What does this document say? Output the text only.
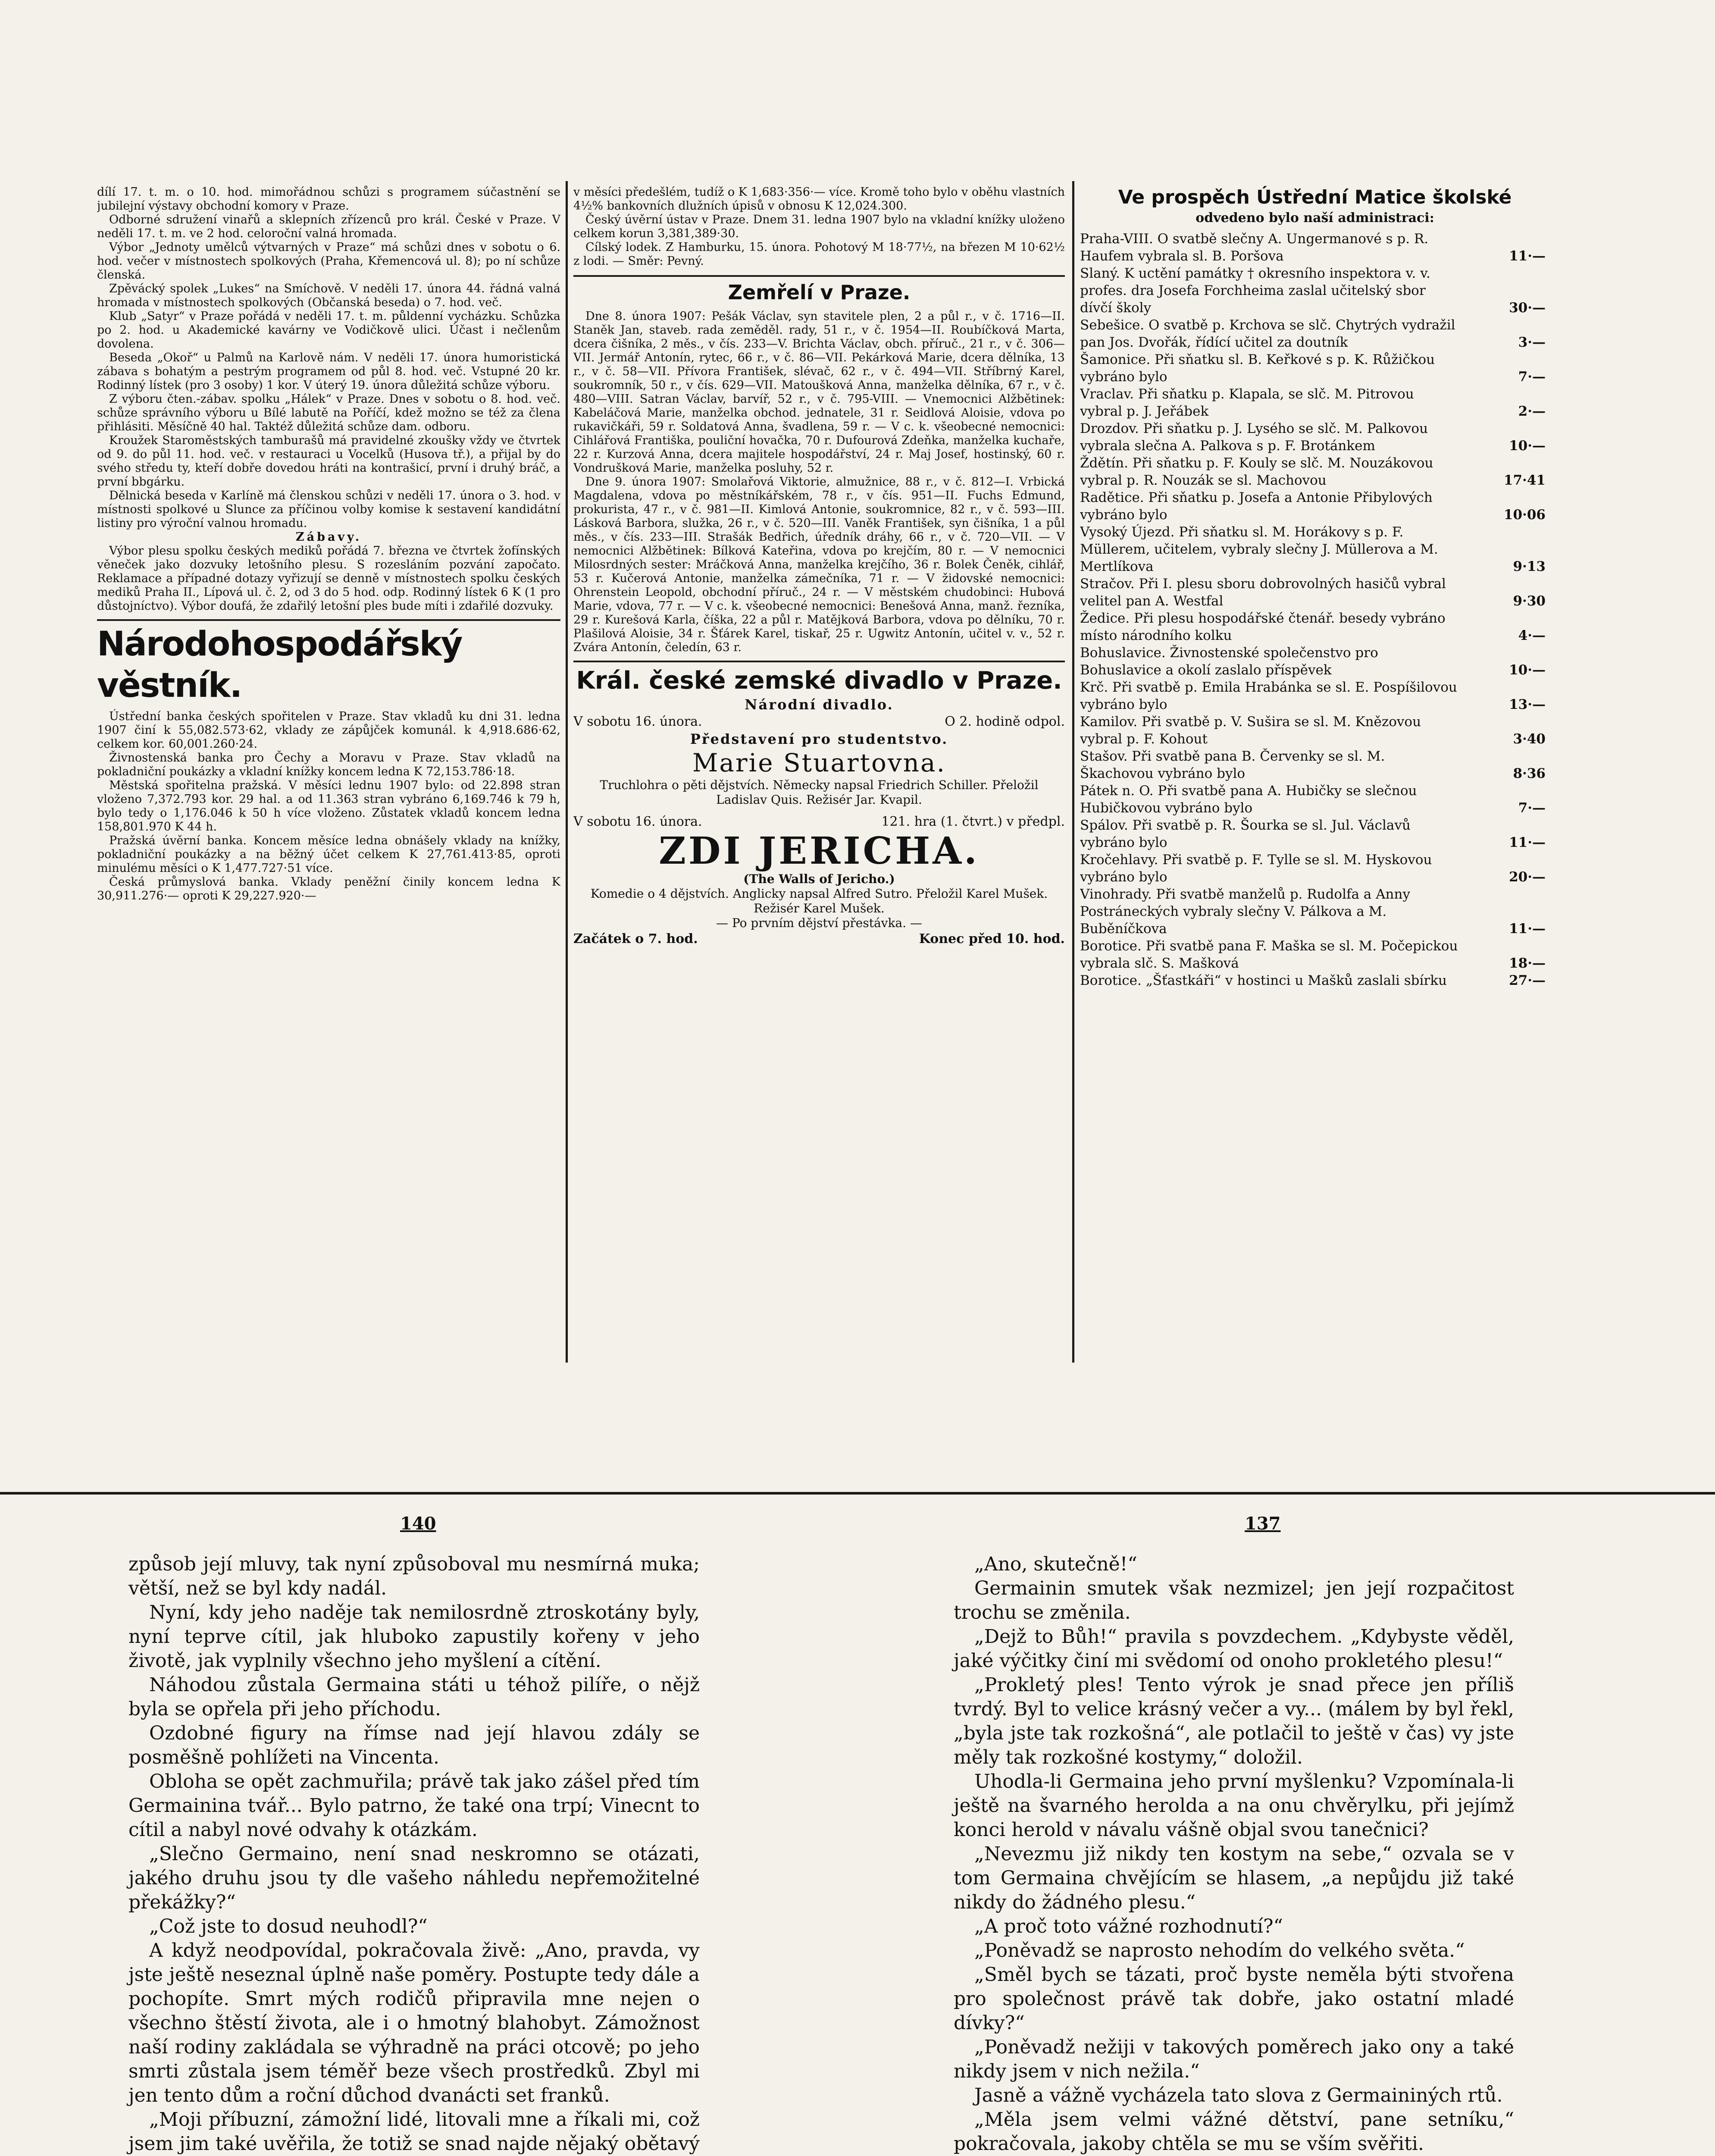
dílí 17. t. m. o 10. hod. mimořádnou schůzi s programem súčastnění se jubilejní výstavy obchodní komory v Praze.

Odborné sdružení vinařů a sklepních zřízenců pro král. České v Praze. V neděli 17. t. m. ve 2 hod. celoroční valná hromada.

Výbor „Jednoty umělců výtvarných v Praze“ má schůzi dnes v sobotu o 6. hod. večer v místnostech spolkových (Praha, Křemencová ul. 8); po ní schůze členská.

Zpěvácký spolek „Lukes“ na Smíchově. V neděli 17. února 44. řádná valná hromada v místnostech spolkových (Občanská beseda) o 7. hod. več.

Klub „Satyr“ v Praze pořádá v neděli 17. t. m. půldenní vycházku. Schůzka po 2. hod. u Akademické kavárny ve Vodičkově ulici. Účast i nečlenům dovolena.

Beseda „Okoř“ u Palmů na Karlově nám. V neděli 17. února humoristická zábava s bohatým a pestrým programem od půl 8. hod. več. Vstupné 20 kr. Rodinný lístek (pro 3 osoby) 1 kor. V úterý 19. února důležitá schůze výboru.

Z výboru čten.-zábav. spolku „Hálek“ v Praze. Dnes v sobotu o 8. hod. več. schůze správního výboru u Bílé labutě na Poříčí, kdež možno se též za člena přihlásiti. Měsíčně 40 hal. Taktéž důležitá schůze dam. odboru.

Kroužek Staroměstských tamburašů má pravidelné zkoušky vždy ve čtvrtek od 9. do půl 11. hod. več. v restauraci u Vocelků (Husova tř.), a přijal by do svého středu ty, kteří dobře dovedou hráti na kontrašicí, první i druhý bráč, a první bbgárku.

Dělnická beseda v Karlíně má členskou schůzi v neděli 17. února o 3. hod. v místnosti spolkové u Slunce za příčinou volby komise k sestavení kandidátní listiny pro výroční valnou hromadu.

Zábavy.

Výbor plesu spolku českých mediků pořádá 7. března ve čtvrtek žofínských věneček jako dozvuky letošního plesu. S rozesláním pozvání započato. Reklamace a případné dotazy vyřizují se denně v místnostech spolku českých mediků Praha II., Lípová ul. č. 2, od 3 do 5 hod. odp. Rodinný lístek 6 K (1 pro důstojníctvo). Výbor doufá, že zdařilý letošní ples bude míti i zdařilé dozvuky.

Národohospodářský věstník.

Ústřední banka českých spořitelen v Praze. Stav vkladů ku dni 31. ledna 1907 činí k 55,082.573·62, vklady ze zápůjček komunál. k 4,918.686·62, celkem kor. 60,001.260·24.

Živnostenská banka pro Čechy a Moravu v Praze. Stav vkladů na pokladniční poukázky a vkladní knížky koncem ledna K 72,153.786·18.

Městská spořitelna pražská. V měsíci lednu 1907 bylo: od 22.898 stran vloženo 7,372.793 kor. 29 hal. a od 11.363 stran vybráno 6,169.746 k 79 h, bylo tedy o 1,176.046 k 50 h více vloženo. Zůstatek vkladů koncem ledna 158,801.970 K 44 h.

Pražská úvěrní banka. Koncem měsíce ledna obnášely vklady na knížky, pokladniční poukázky a na běžný účet celkem K 27,761.413·85, oproti minulému měsíci o K 1,477.727·51 více.

Česká průmyslová banka. Vklady peněžní činily koncem ledna K 30,911.276·— oproti K 29,227.920·—

v měsíci předešlém, tudíž o K 1,683·356·— více. Kromě toho bylo v oběhu vlastních 4½% bankovních dlužních úpisů v obnosu K 12,024.300.

Český úvěrní ústav v Praze. Dnem 31. ledna 1907 bylo na vkladní knížky uloženo celkem korun 3,381,389·30.

Cílský lodek. Z Hamburku, 15. února. Pohotový M 18·77½, na březen M 10·62½ z lodi. — Směr: Pevný.

Zemřelí v Praze.

Dne 8. února 1907: Pešák Václav, syn stavitele plen, 2 a půl r., v č. 1716—II. Staněk Jan, staveb. rada zeměděl. rady, 51 r., v č. 1954—II. Roubíčková Marta, dcera čišníka, 2 měs., v čís. 233—V. Brichta Václav, obch. příruč., 21 r., v č. 306—VII. Jermář Antonín, rytec, 66 r., v č. 86—VII. Pekárková Marie, dcera dělníka, 13 r., v č. 58—VII. Přívora František, slévač, 62 r., v č. 494—VII. Stříbrný Karel, soukromník, 50 r., v čís. 629—VII. Matoušková Anna, manželka dělníka, 67 r., v č. 480—VIII. Satran Václav, barvíř, 52 r., v č. 795-VIII. — Vnemocnici Alžbětinek: Kabeláčová Marie, manželka obchod. jednatele, 31 r. Seidlová Aloisie, vdova po rukavičkáři, 59 r. Soldatová Anna, švadlena, 59 r. — V c. k. všeobecné nemocnici: Cihlářová Františka, pouliční hovačka, 70 r. Dufourová Zdeňka, manželka kuchaře, 22 r. Kurzová Anna, dcera majitele hospodářství, 24 r. Maj Josef, hostinský, 60 r. Vondrušková Marie, manželka posluhy, 52 r.

Dne 9. února 1907: Smolařová Viktorie, almužnice, 88 r., v č. 812—I. Vrbická Magdalena, vdova po městníkářském, 78 r., v čís. 951—II. Fuchs Edmund, prokuristа, 47 r., v č. 981—II. Kimlová Antonie, soukromnice, 82 r., v č. 593—III. Lásková Barbora, služka, 26 r., v č. 520—III. Vaněk František, syn čišníka, 1 a půl měs., v čís. 233—III. Strašák Bedřich, úředník dráhy, 66 r., v č. 720—VII. — V nemocnici Alžbětinek: Bílková Kateřina, vdova po krejčím, 80 r. — V nemocnici Milosrdných sester: Mráčková Anna, manželka krejčího, 36 r. Bolek Čeněk, cihlář, 53 r. Kučerová Antonie, manželka zámečníka, 71 r. — V židovské nemocnici: Ohrenstein Leopold, obchodní příruč., 24 r. — V městském chudobinci: Hubová Marie, vdova, 77 r. — V c. k. všeobecné nemocnici: Benešová Anna, manž. řezníka, 29 r. Kurešová Karla, číška, 22 a půl r. Matějková Barbora, vdova po dělníku, 70 r. Plašilová Aloisie, 34 r. Šťárek Karel, tiskař, 25 r. Ugwitz Antonín, učitel v. v., 52 r. Zvára Antonín, čeledín, 63 r.

Král. české zemské divadlo v Praze.
Národní divadlo.
V sobotu 16. února.	O 2. hodině odpol.
Představení pro studentstvo.
Marie Stuartovna.
Truchlohra o pěti dějstvích. Německy napsal Friedrich Schiller. Přeložil Ladislav Quis. Režisér Jar. Kvapil.
V sobotu 16. února.	121. hra (1. čtvrt.) v předpl.
ZDI JERICHA.
(The Walls of Jericho.)
Komedie o 4 dějstvích. Anglicky napsal Alfred Sutro. Přeložil Karel Mušek. Režisér Karel Mušek.
— Po prvním dějství přestávka. —
Začátek o 7. hod.	Konec před 10. hod.
Ve prospěch Ústřední Matice školské
odvedeno bylo naší administraci:
Praha-VIII. O svatbě slečny A. Ungermanové s p. R. Haufem vybrala sl. B. Poršova	11·—
Slaný. K uctění památky † okresního inspektora v. v. profes. dra Josefa Forchheima zaslal učitelský sbor dívčí školy	30·—
Sebešice. O svatbě p. Krchova se slč. Chytrých vydražil pan Jos. Dvořák, řídící učitel za doutník	3·—
Šamonice. Při sňatku sl. B. Keřkové s p. K. Růžičkou vybráno bylo	7·—
Vraclav. Při sňatku p. Klapala, se slč. M. Pitrovou vybral p. J. Jeřábek	2·—
Drozdov. Při sňatku p. J. Lysého se slč. M. Palkovou vybrala slečna A. Palkova s p. F. Brotánkem	10·—
Ždětín. Při sňatku p. F. Kouly se slč. M. Nouzákovou vybral p. R. Nouzák se sl. Machovou	17·41
Radětice. Při sňatku p. Josefa a Antonie Přibylových vybráno bylo	10·06
Vysoký Újezd. Při sňatku sl. M. Horákovy s p. F. Müllerem, učitelem, vybraly slečny J. Müllerova a M. Mertlíkova	9·13
Stračov. Při I. plesu sboru dobrovolných hasičů vybral velitel pan A. Westfal	9·30
Žedice. Při plesu hospodářské čtenář. besedy vybráno místo národního kolku	4·—
Bohuslavice. Živnostenské společenstvo pro Bohuslavice a okolí zaslalo příspěvek	10·—
Krč. Při svatbě p. Emila Hrabánka se sl. E. Pospíšilovou vybráno bylo	13·—
Kamilov. Při svatbě p. V. Sušira se sl. M. Knězovou vybral p. F. Kohout	3·40
Stašov. Při svatbě pana B. Červenky se sl. M. Škachovou vybráno bylo	8·36
Pátek n. O. Při svatbě pana A. Hubičky se slečnou Hubičkovou vybráno bylo	7·—
Spálov. Při svatbě p. R. Šourka se sl. Jul. Václavů vybráno bylo	11·—
Kročehlavy. Při svatbě p. F. Tylle se sl. M. Hyskovou vybráno bylo	20·—
Vinohrady. Při svatbě manželů p. Rudolfa a Anny Postráneckých vybraly slečny V. Pálkova a M. Buběníčkova	11·—
Borotice. Při svatbě pana F. Maška se sl. M. Počepickou vybrala slč. S. Mašková	18·—
Borotice. „Šťastkáři“ v hostinci u Mašků zaslali sbírku	27·—
140	137

způsob její mluvy, tak nyní způsoboval mu nesmírná muka; větší, než se byl kdy nadál.

Nyní, kdy jeho naděje tak nemilosrdně ztroskotány byly, nyní teprve cítil, jak hluboko zapustily kořeny v jeho životě, jak vyplnily všechno jeho myšlení a cítění.

Náhodou zůstala Germaina státi u téhož pilíře, o nějž byla se opřela při jeho příchodu.

Ozdobné figury na římse nad její hlavou zdály se posměšně pohlížeti na Vincenta.

Obloha se opět zachmuřila; právě tak jako zášel před tím Germainina tvář... Bylo patrno, že také ona trpí; Vinecnt to cítil a nabyl nové odvahy k otázkám.

„Slečno Germaino, není snad neskromno se otázati, jakého druhu jsou ty dle vašeho náhledu nepřemožitelné překážky?“

„Což jste to dosud neuhodl?“

A když neodpovídal, pokračovala živě: „Ano, pravda, vy jste ještě neseznal úplně naše poměry. Postupte tedy dále a pochopíte. Smrt mých rodičů připravila mne nejen o všechno štěstí života, ale i o hmotný blahobyt. Zámožnost naší rodiny zakládala se výhradně na práci otcově; po jeho smrti zůstala jsem téměř beze všech prostředků. Zbyl mi jen tento dům a roční důchod dvanácti set franků.

„Moji příbuzní, zámožní lidé, litovali mne a říkali mi, což jsem jim také uvěřila, že totiž se snad najde nějaký obětavý

„Ano, skutečně!“

Germainin smutek však nezmizel; jen její rozpačitost trochu se změnila.

„Dejž to Bůh!“ pravila s povzdechem. „Kdybyste věděl, jaké výčitky činí mi svědomí od onoho prokletého plesu!“

„Prokletý ples! Tento výrok je snad přece jen příliš tvrdý. Byl to velice krásný večer a vy... (málem by byl řekl, „byla jste tak rozkošná“, ale potlačil to ještě v čas) vy jste měly tak rozkošné kostymy,“ doložil.

Uhodla-li Germaina jeho první myšlenku? Vzpomínala-li ještě na švarného herolda a na onu chvěrylku, při jejímž konci herold v návalu vášně objal svou tanečnici?

„Nevezmu již nikdy ten kostym na sebe,“ ozvala se v tom Germaina chvějícím se hlasem, „a nepůjdu již také nikdy do žádného plesu.“

„A proč toto vážné rozhodnutí?“

„Poněvadž se naprosto nehodím do velkého světa.“

„Směl bych se tázati, proč byste neměla býti stvořena pro společnost právě tak dobře, jako ostatní mladé dívky?“

„Poněvadž nežiji v takových poměrech jako ony a také nikdy jsem v nich nežila.“

Jasně a vážně vycházela tato slova z Germaininých rtů.

„Měla jsem velmi vážné dětství, pane setníku,“ pokračovala, jakoby chtěla se mu se vším svěřiti.
